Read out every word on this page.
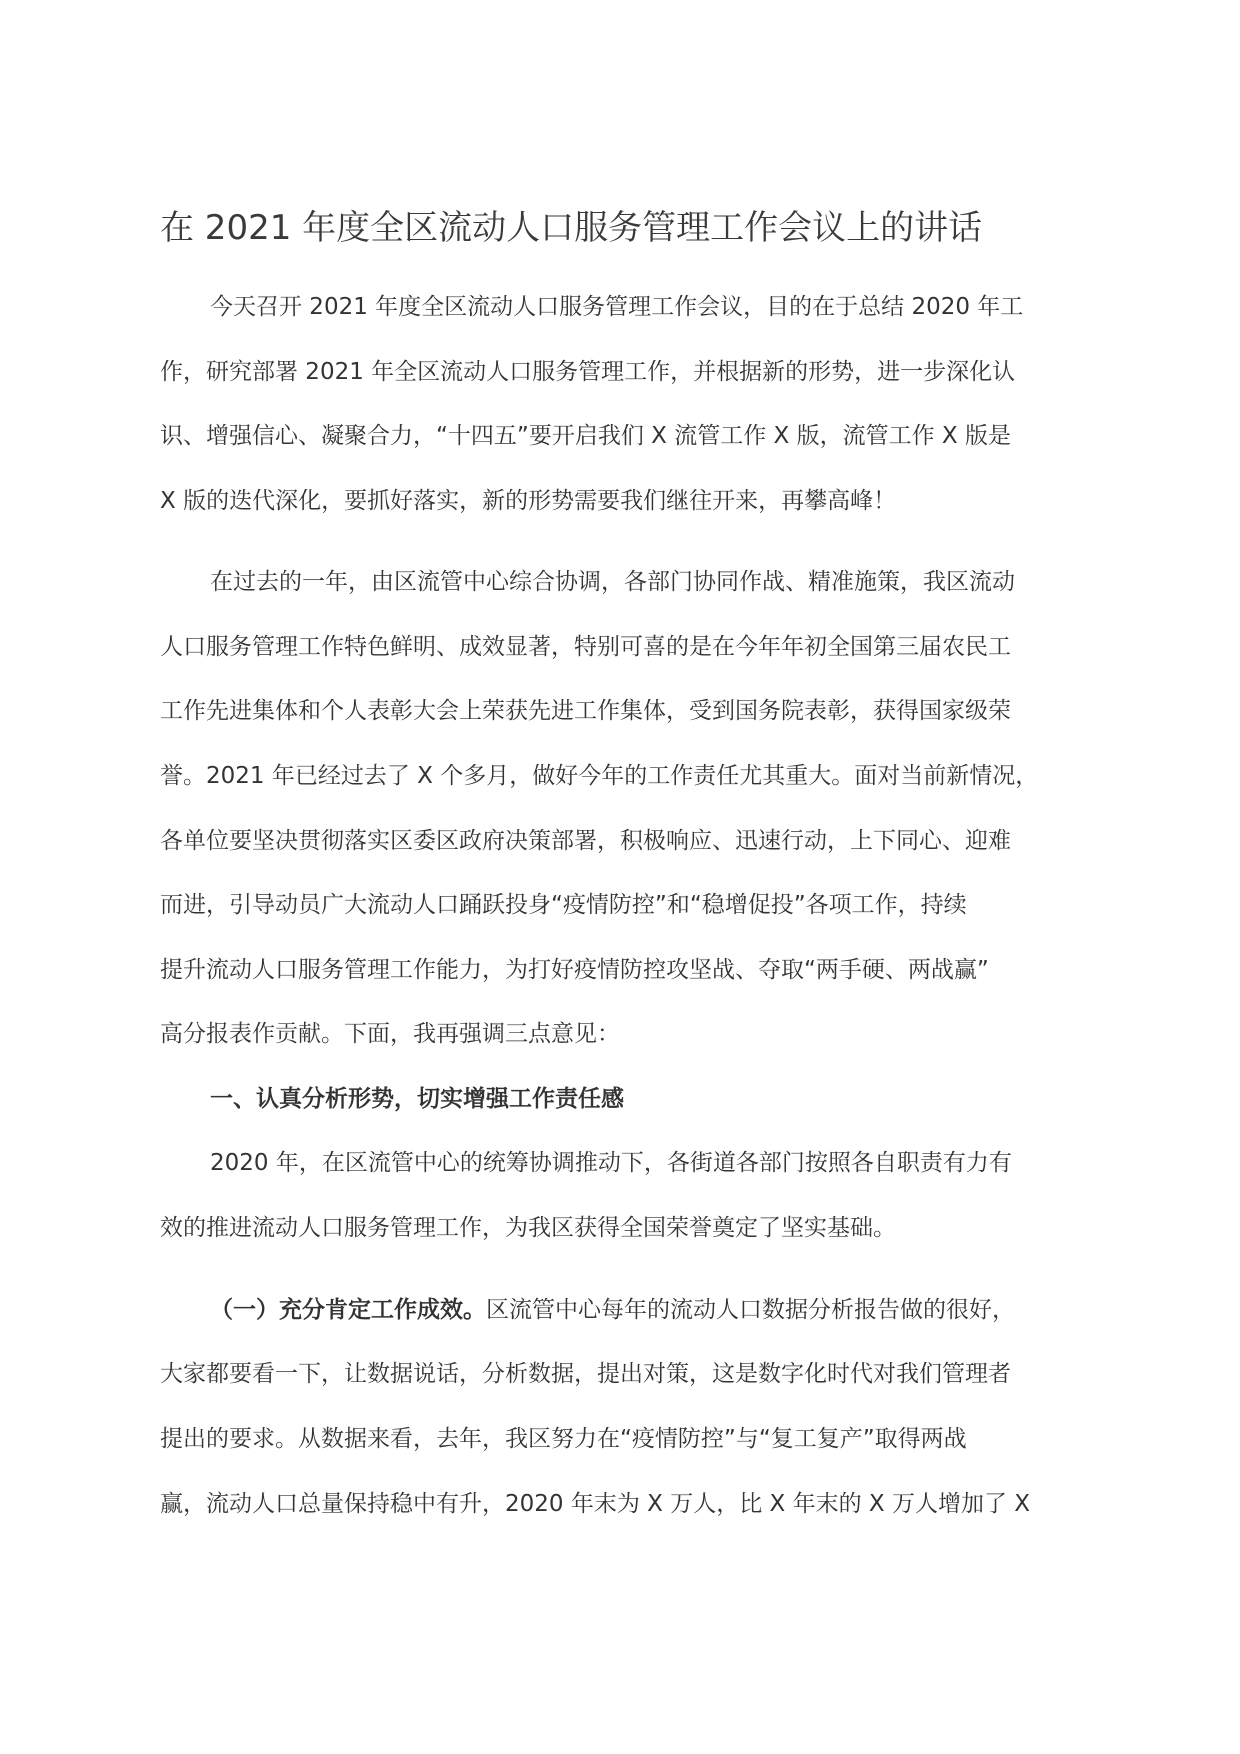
在 2021 年度全区流动人口服务管理工作会议上的讲话
今天召开 2021 年度全区流动人口服务管理工作会议，目的在于总结 2020 年工
作，研究部署 2021 年全区流动人口服务管理工作，并根据新的形势，进一步深化认
识、增强信心、凝聚合力，“十四五”要开启我们 X 流管工作 X 版，流管工作 X 版是
X 版的迭代深化，要抓好落实，新的形势需要我们继往开来，再攀高峰！
在过去的一年，由区流管中心综合协调，各部门协同作战、精准施策，我区流动
人口服务管理工作特色鲜明、成效显著，特别可喜的是在今年年初全国第三届农民工
工作先进集体和个人表彰大会上荣获先进工作集体，受到国务院表彰，获得国家级荣
誉。2021 年已经过去了 X 个多月，做好今年的工作责任尤其重大。面对当前新情况，
各单位要坚决贯彻落实区委区政府决策部署，积极响应、迅速行动，上下同心、迎难
而进，引导动员广大流动人口踊跃投身“疫情防控”和“稳增促投”各项工作，持续
提升流动人口服务管理工作能力，为打好疫情防控攻坚战、夺取“两手硬、两战赢”
高分报表作贡献。下面，我再强调三点意见：
一、认真分析形势，切实增强工作责任感
2020 年，在区流管中心的统筹协调推动下，各街道各部门按照各自职责有力有
效的推进流动人口服务管理工作，为我区获得全国荣誉奠定了坚实基础。
（一）充分肯定工作成效。区流管中心每年的流动人口数据分析报告做的很好，
大家都要看一下，让数据说话，分析数据，提出对策，这是数字化时代对我们管理者
提出的要求。从数据来看，去年，我区努力在“疫情防控”与“复工复产”取得两战
赢，流动人口总量保持稳中有升，2020 年末为 X 万人，比 X 年末的 X 万人增加了 X
